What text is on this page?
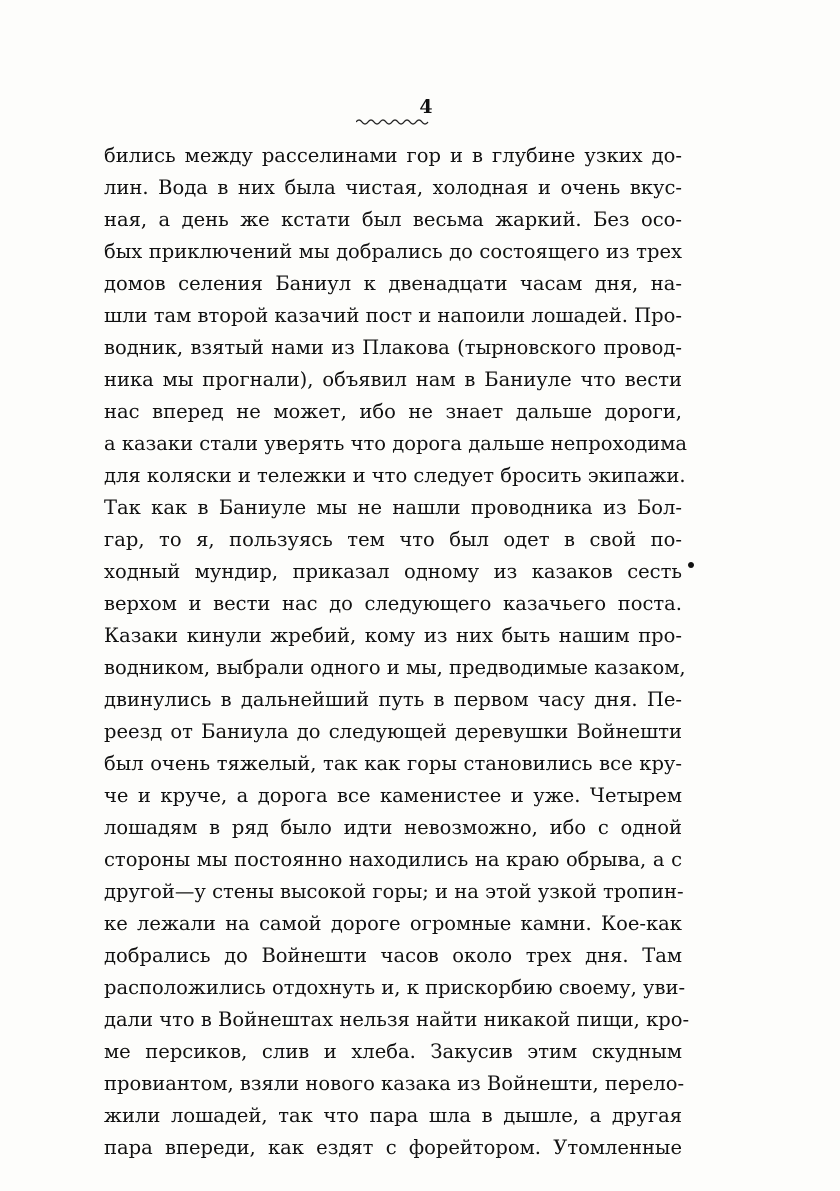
4
бились между расселинами гор и в глубине узких до-
лин. Вода в них была чистая, холодная и очень вкус-
ная, а день же кстати был весьма жаркий. Без осо-
бых приключений мы добрались до состоящего из трех
домов селения Баниул к двенадцати часам дня, на-
шли там второй казачий пост и напоили лошадей. Про-
водник, взятый нами из Плакова (тырновского провод-
ника мы прогнали), объявил нам в Баниуле что вести
нас вперед не может, ибо не знает дальше дороги,
а казаки стали уверять что дорога дальше непроходима
для коляски и тележки и что следует бросить экипажи.
Так как в Баниуле мы не нашли проводника из Бол-
гар, то я, пользуясь тем что был одет в свой по-
ходный мундир, приказал одному из казаков сесть
верхом и вести нас до следующего казачьего поста.
Казаки кинули жребий, кому из них быть нашим про-
водником, выбрали одного и мы, предводимые казаком,
двинулись в дальнейший путь в первом часу дня. Пе-
реезд от Баниула до следующей деревушки Войнешти
был очень тяжелый, так как горы становились все кру-
че и круче, а дорога все каменистее и уже. Четырем
лошадям в ряд было идти невозможно, ибо с одной
стороны мы постоянно находились на краю обрыва, а с
другой—у стены высокой горы; и на этой узкой тропин-
ке лежали на самой дороге огромные камни. Кое-как
добрались до Войнешти часов около трех дня. Там
расположились отдохнуть и, к прискорбию своему, уви-
дали что в Войнештах нельзя найти никакой пищи, кро-
ме персиков, слив и хлеба. Закусив этим скудным
провиантом, взяли нового казака из Войнешти, перело-
жили лошадей, так что пара шла в дышле, а другая
пара впереди, как ездят с форейтором. Утомленные
